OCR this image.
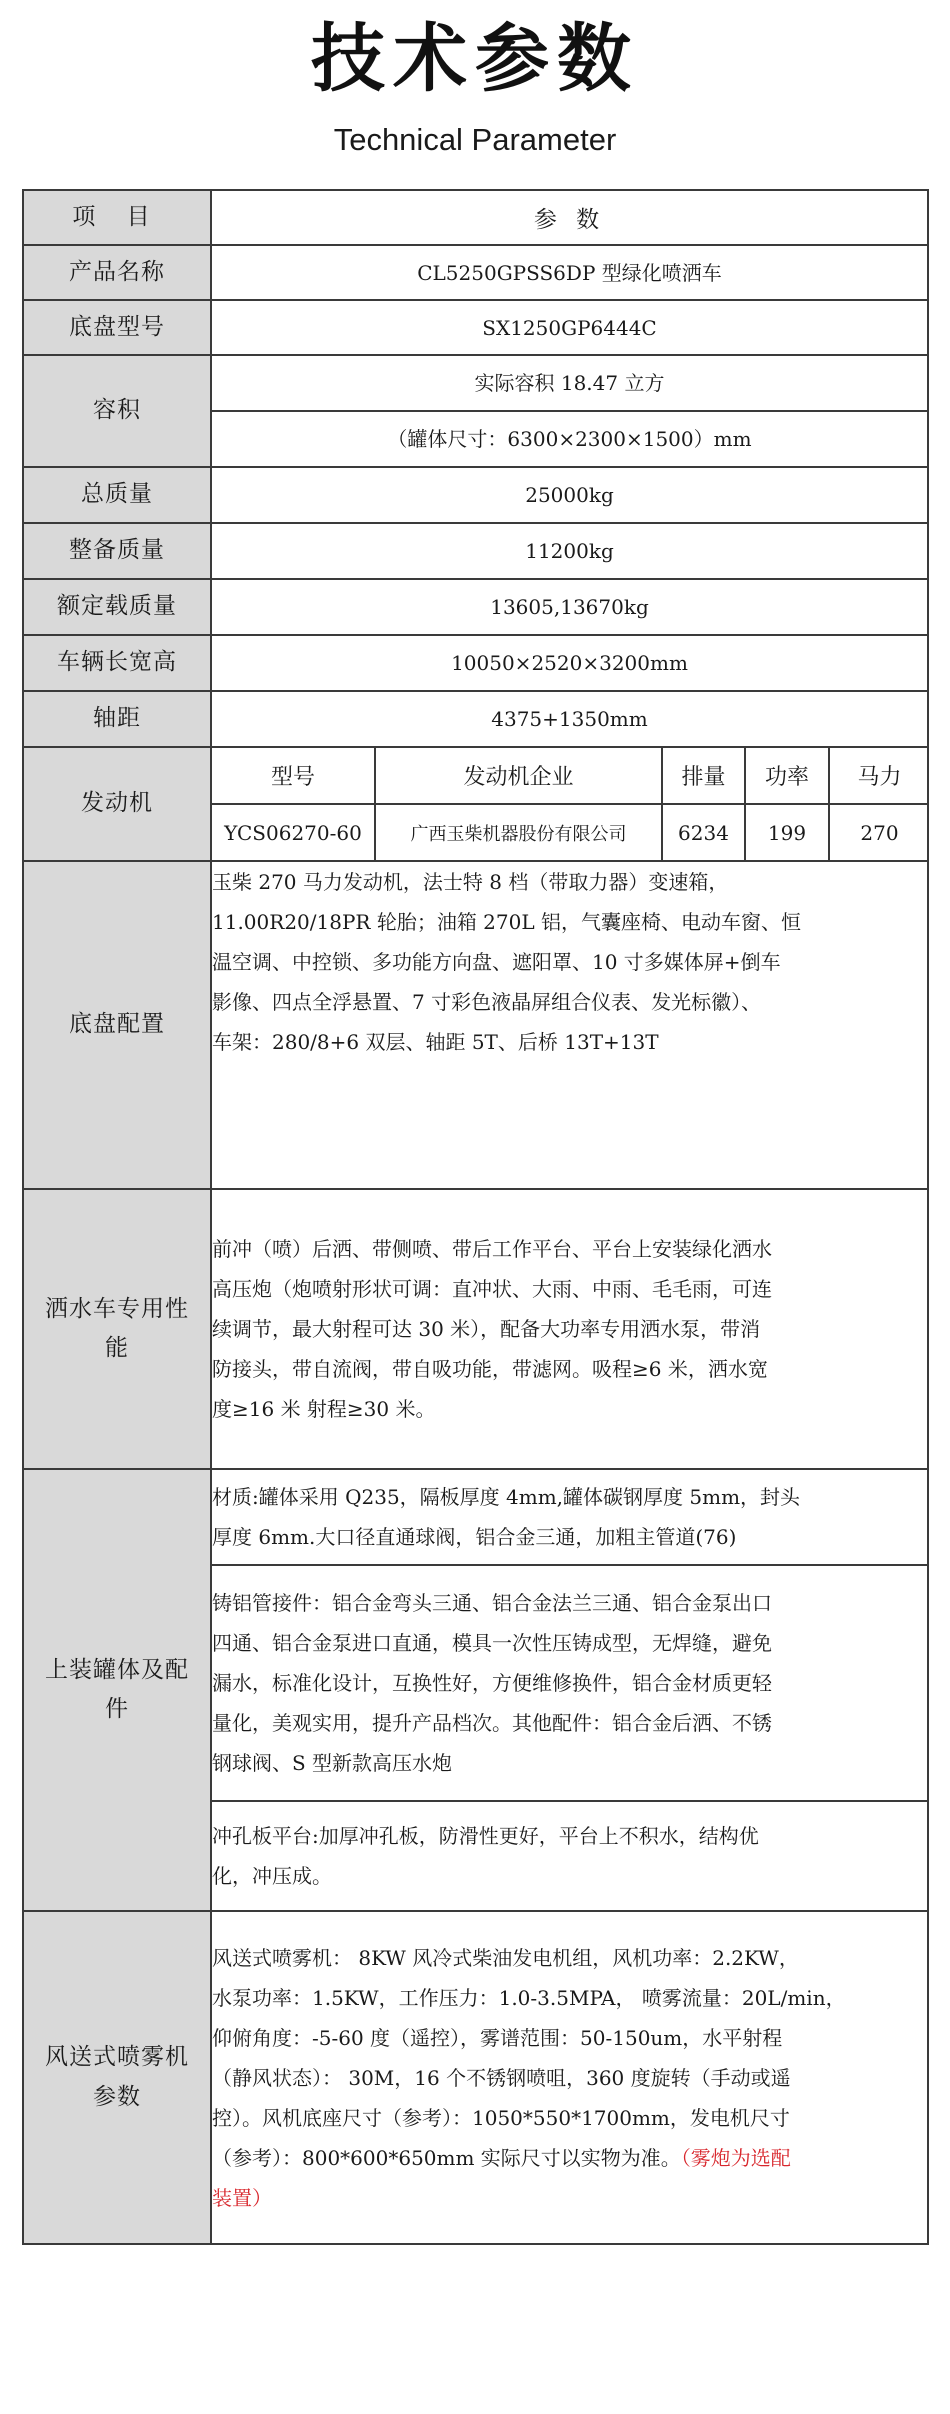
技术参数
Technical Parameter
项 目	参 数
产品名称	CL5250GPSS6DP 型绿化喷洒车
底盘型号	SX1250GP6444C
容积	实际容积 18.47 立方
（罐体尺寸：6300×2300×1500）mm
总质量	25000kg
整备质量	11200kg
额定载质量	13605,13670kg
车辆长宽高	10050×2520×3200mm
轴距	4375+1350mm
发动机	
型号	发动机企业	排量	功率	马力
YCS06270-60	广西玉柴机器股份有限公司	6234	199	270

底盘配置	
玉柴 270 马力发动机，法士特 8 档（带取力器）变速箱，
11.00R20/18PR 轮胎；油箱 270L 铝，气囊座椅、电动车窗、恒
温空调、中控锁、多功能方向盘、遮阳罩、10 寸多媒体屏+倒车
影像、四点全浮悬置、7 寸彩色液晶屏组合仪表、发光标徽）、
车架：280/8+6 双层、轴距 5T、后桥 13T+13T

洒水车专用性
能

前冲（喷）后洒、带侧喷、带后工作平台、平台上安装绿化洒水
高压炮（炮喷射形状可调：直冲状、大雨、中雨、毛毛雨，可连
续调节，最大射程可达 30 米），配备大功率专用洒水泵，带消
防接头，带自流阀，带自吸功能，带滤网。吸程≥6 米，洒水宽
度≥16 米 射程≥30 米。

上装罐体及配
件

材质:罐体采用 Q235，隔板厚度 4mm,罐体碳钢厚度 5mm，封头
厚度 6mm.大口径直通球阀，铝合金三通，加粗主管道(76)

铸铝管接件：铝合金弯头三通、铝合金法兰三通、铝合金泵出口
四通、铝合金泵进口直通，模具一次性压铸成型，无焊缝，避免
漏水，标准化设计，互换性好，方便维修换件，铝合金材质更轻
量化，美观实用，提升产品档次。其他配件：铝合金后洒、不锈
钢球阀、S 型新款高压水炮

冲孔板平台:加厚冲孔板，防滑性更好，平台上不积水，结构优
化，冲压成。

风送式喷雾机
参数

风送式喷雾机： 8KW 风冷式柴油发电机组，风机功率：2.2KW，
水泵功率：1.5KW，工作压力：1.0-3.5MPA， 喷雾流量：20L/min，
仰俯角度：-5-60 度（遥控），雾谱范围：50-150um，水平射程
（静风状态）： 30M，16 个不锈钢喷咀，360 度旋转（手动或遥
控）。风机底座尺寸（参考）：1050*550*1700mm，发电机尺寸
（参考）：800*600*650mm 实际尺寸以实物为准。（雾炮为选配
装置）
